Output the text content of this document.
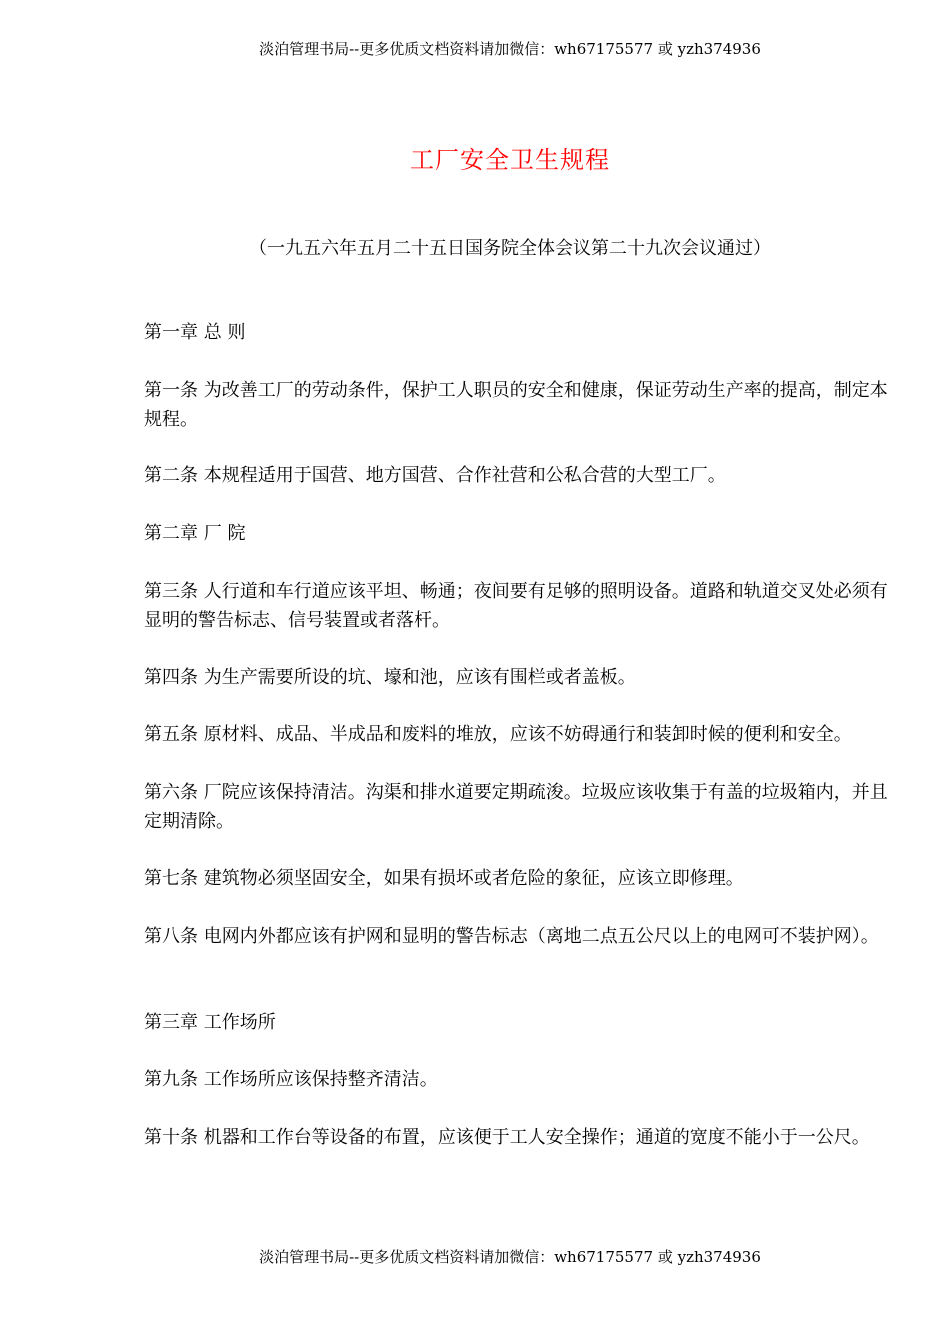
淡泊管理书局--更多优质文档资料请加微信：wh67175577 或 yzh374936
工厂安全卫生规程
（一九五六年五月二十五日国务院全体会议第二十九次会议通过）

第一章 总 则

第一条 为改善工厂的劳动条件，保护工人职员的安全和健康，保证劳动生产率的提高，制定本规程。

第二条 本规程适用于国营、地方国营、合作社营和公私合营的大型工厂。

第二章 厂 院

第三条 人行道和车行道应该平坦、畅通；夜间要有足够的照明设备。道路和轨道交叉处必须有显明的警告标志、信号装置或者落杆。

第四条 为生产需要所设的坑、壕和池，应该有围栏或者盖板。

第五条 原材料、成品、半成品和废料的堆放，应该不妨碍通行和装卸时候的便利和安全。

第六条 厂院应该保持清洁。沟渠和排水道要定期疏浚。垃圾应该收集于有盖的垃圾箱内，并且定期清除。

第七条 建筑物必须坚固安全，如果有损坏或者危险的象征，应该立即修理。

第八条 电网内外都应该有护网和显明的警告标志（离地二点五公尺以上的电网可不装护网）。

第三章 工作场所

第九条 工作场所应该保持整齐清洁。

第十条 机器和工作台等设备的布置，应该便于工人安全操作；通道的宽度不能小于一公尺。

淡泊管理书局--更多优质文档资料请加微信：wh67175577 或 yzh374936
